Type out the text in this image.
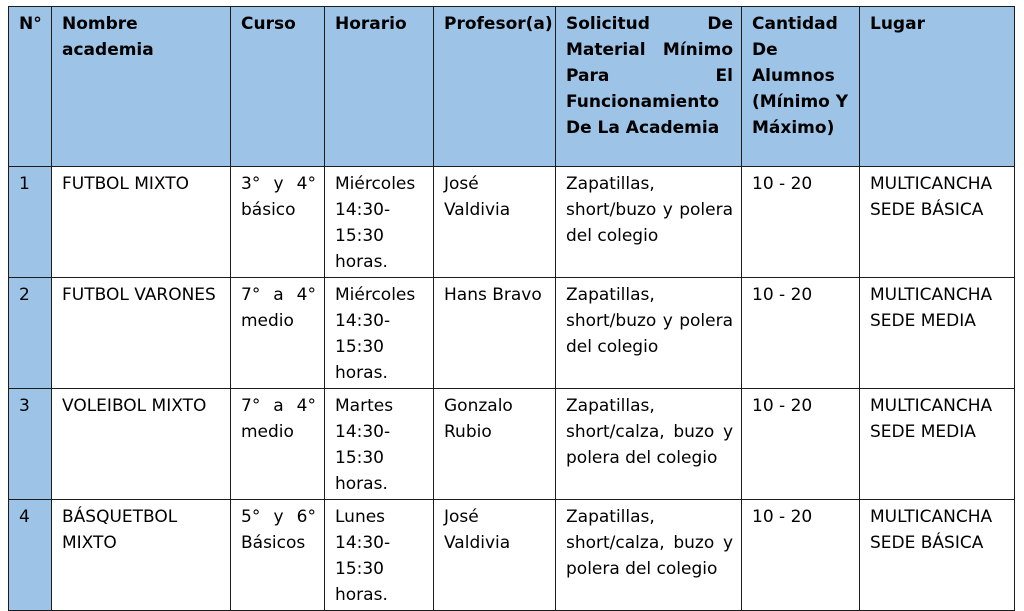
N°	Nombre academia	Curso	Horario	Profesor(a)	Solicitud De Material Mínimo Para El Funcionamiento De La Academia	Cantidad De Alumnos (Mínimo Y Máximo)	Lugar
1	FUTBOL MIXTO	3° y 4° básico	Miércoles 14:30-15:30 horas.	José Valdivia	Zapatillas, short/buzo y polera del colegio	10 - 20	MULTICANCHA SEDE BÁSICA
2	FUTBOL VARONES	7° a 4° medio	Miércoles 14:30-15:30 horas.	Hans Bravo	Zapatillas, short/buzo y polera del colegio	10 - 20	MULTICANCHA SEDE MEDIA
3	VOLEIBOL MIXTO	7° a 4° medio	Martes 14:30-15:30 horas.	Gonzalo Rubio	Zapatillas, short/calza, buzo y polera del colegio	10 - 20	MULTICANCHA SEDE MEDIA
4	BÁSQUETBOL MIXTO	5° y 6° Básicos	Lunes 14:30-15:30 horas.	José Valdivia	Zapatillas, short/calza, buzo y polera del colegio	10 - 20	MULTICANCHA SEDE BÁSICA
